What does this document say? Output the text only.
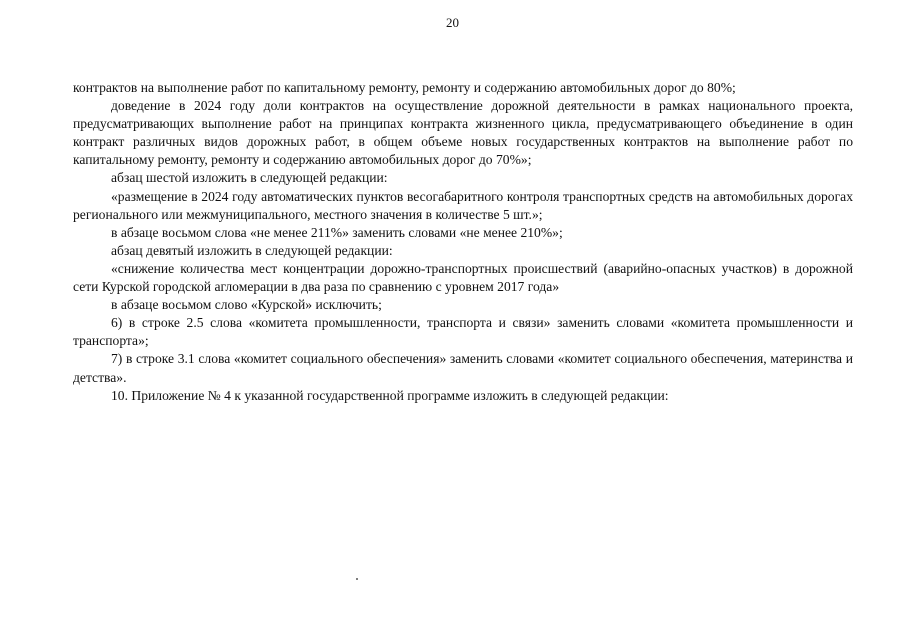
20

контрактов на выполнение работ по капитальному ремонту, ремонту и содержанию автомобильных дорог до 80%;

доведение в 2024 году доли контрактов на осуществление дорожной деятельности в рамках национального проекта, предусматривающих выполнение работ на принципах контракта жизненного цикла, предусматривающего объединение в один контракт различных видов дорожных работ, в общем объеме новых государственных контрактов на выполнение работ по капитальному ремонту, ремонту и содержанию автомобильных дорог до 70%»;

абзац шестой изложить в следующей редакции:

«размещение в 2024 году автоматических пунктов весогабаритного контроля транспортных средств на автомобильных дорогах регионального или межмуниципального, местного значения в количестве 5 шт.»;

в абзаце восьмом слова «не менее 211%» заменить словами «не менее 210%»;

абзац девятый изложить в следующей редакции:

«снижение количества мест концентрации дорожно-транспортных происшествий (аварийно-опасных участков) в дорожной сети Курской городской агломерации в два раза по сравнению с уровнем 2017 года»

в абзаце восьмом слово «Курской» исключить;

6) в строке 2.5 слова «комитета промышленности, транспорта и связи» заменить словами «комитета промышленности и транспорта»;

7) в строке 3.1 слова «комитет социального обеспечения» заменить словами «комитет социального обеспечения, материнства и детства».

10. Приложение № 4 к указанной государственной программе изложить в следующей редакции:
